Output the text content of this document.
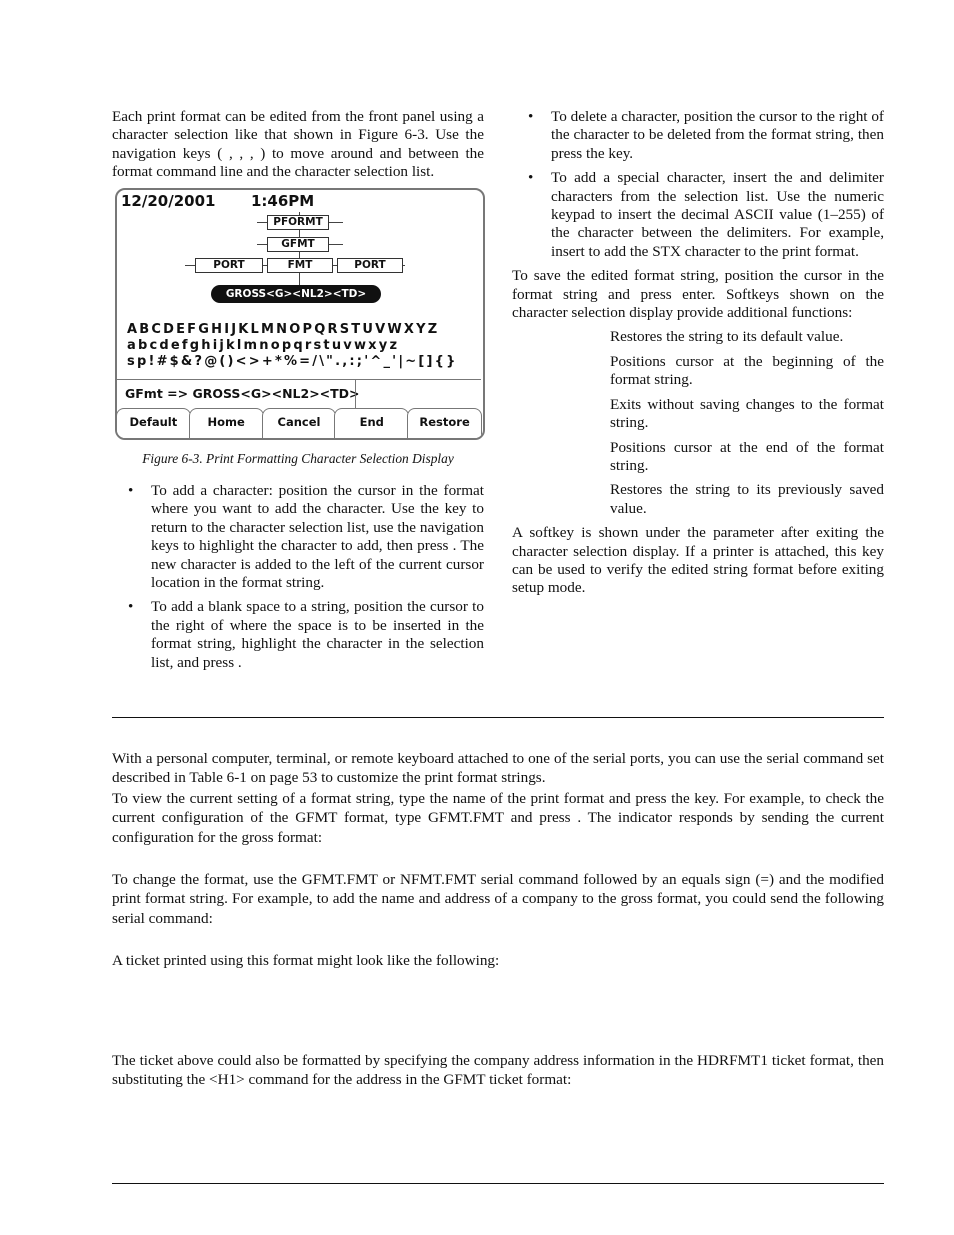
Each print format can be edited from the front panel using a character selection like that shown in Figure 6-3. Use the navigation keys ( , , , ) to move around and between the format command line and the character selection list.

12/20/2001 1:46PM
PFORMT
GFMT
PORT	FMT	PORT
GROSS<G><NL2><TD><NL>
ABCDEFGHIJKLMNOPQRSTUVWXYZ
abcdefghijklmnopqrstuvwxyz
sp!#$&?@()<>+*%=/\".,:;'^_'|~[]{}
GFmt => GROSS<G><NL2><TD>
Default	Home	Cancel	End	Restore
Figure 6-3. Print Formatting Character Selection Display
• To add a character: position the cursor in the format where you want to add the character. Use the key to return to the character selection list, use the navigation keys to highlight the character to add, then press . The new character is added to the left of the current cursor location in the format string.
• To add a blank space to a string, position the cursor to the right of where the space is to be inserted in the format string, highlight the character in the selection list, and press .
• To delete a character, position the cursor to the right of the character to be deleted from the format string, then press the key.
• To add a special character, insert the and delimiter characters from the selection list. Use the numeric keypad to insert the decimal ASCII value (1–255) of the character between the delimiters. For example, insert to add the STX character to the print format.

To save the edited format string, position the cursor in the format string and press enter. Softkeys shown on the character selection display provide additional functions:

Restores the string to its default value.
Positions cursor at the beginning of the format string.
Exits without saving changes to the format string.
Positions cursor at the end of the format string.
Restores the string to its previously saved value.

A softkey is shown under the parameter after exiting the character selection display. If a printer is attached, this key can be used to verify the edited string format before exiting setup mode.

With a personal computer, terminal, or remote keyboard attached to one of the serial ports, you can use the serial command set described in Table 6-1 on page 53 to customize the print format strings.
To view the current setting of a format string, type the name of the print format and press the key. For example, to check the current configuration of the GFMT format, type GFMT.FMT and press . The indicator responds by sending the current configuration for the gross format:
To change the format, use the GFMT.FMT or NFMT.FMT serial command followed by an equals sign (=) and the modified print format string. For example, to add the name and address of a company to the gross format, you could send the following serial command:
A ticket printed using this format might look like the following:
The ticket above could also be formatted by specifying the company address information in the HDRFMT1 ticket format, then substituting the <H1> command for the address in the GFMT ticket format:
